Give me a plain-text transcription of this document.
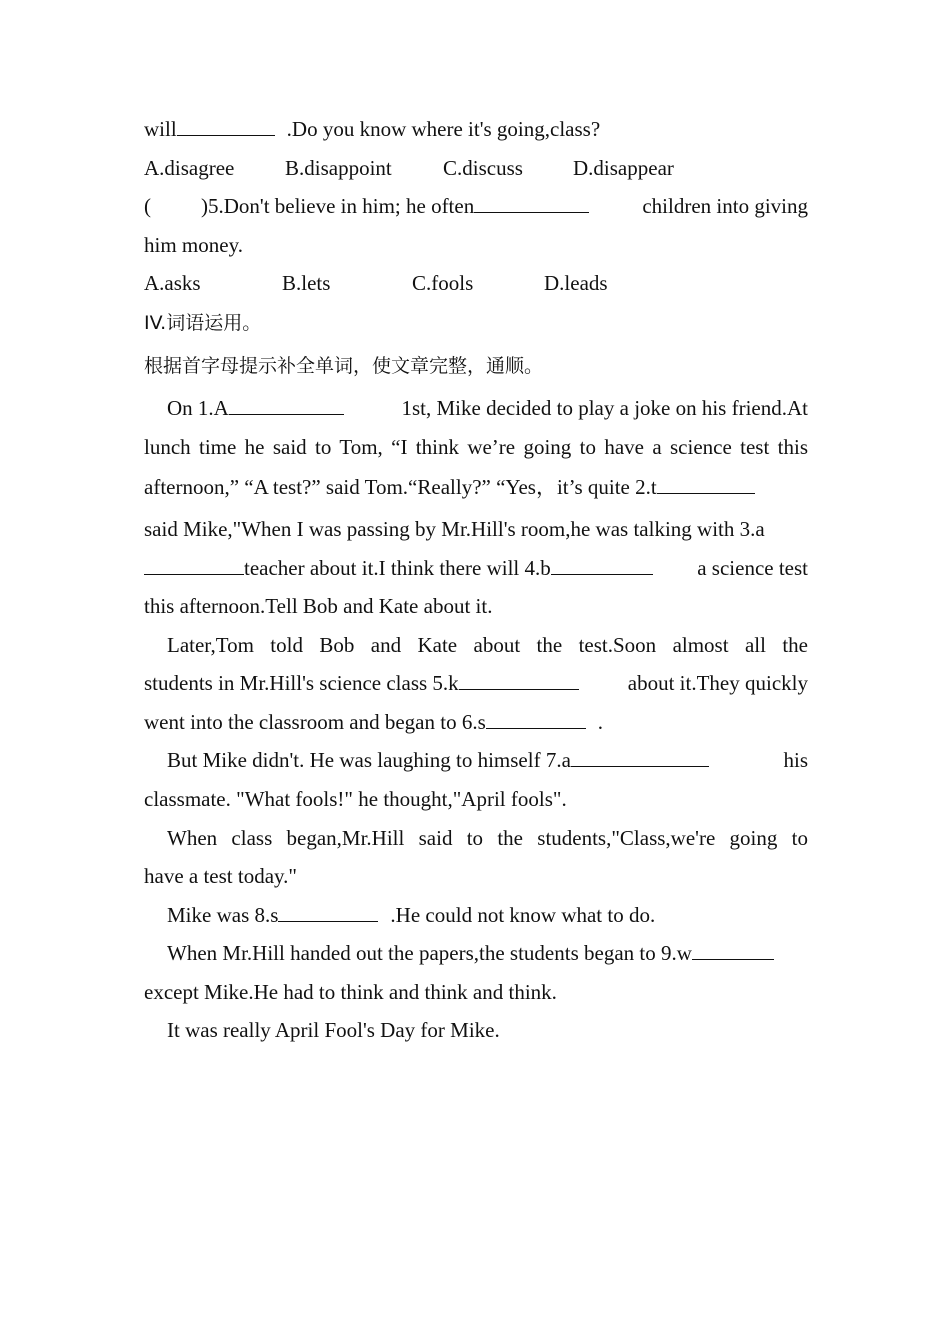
will	.Do you know where it's going,class?
A.disagree B.disappoint C.discuss D.disappear
( )5.Don't believe in him; he often	children into giving
him money.
A.asks	B.lets	C.fools	D.leads
IV.词语运用。
根据首字母提示补全单词，使文章完整，通顺。
On 1.A	1st, Mike decided to play a joke on his friend.At
lunch time he said to Tom, “I think we’re going to have a science test this
afternoon,” “A test?” said Tom.“Really?” “Yes，it’s quite 2.t
said Mike,"When I was passing by Mr.Hill's room,he was talking with 3.a
teacher about it.I think there will 4.b	a science test
this afternoon.Tell Bob and Kate about it.
Later,Tom told Bob and Kate about the test.Soon almost all the
students in Mr.Hill's science class 5.k	about it.They quickly
went into the classroom and began to 6.s	.
But Mike didn't. He was laughing to himself 7.a	his
classmate. "What fools!" he thought,"April fools".
When class began,Mr.Hill said to the students,"Class,we're going to
have a test today."
Mike was 8.s	.He could not know what to do.
When Mr.Hill handed out the papers,the students began to 9.w
except Mike.He had to think and think and think.
It was really April Fool's Day for Mike.
